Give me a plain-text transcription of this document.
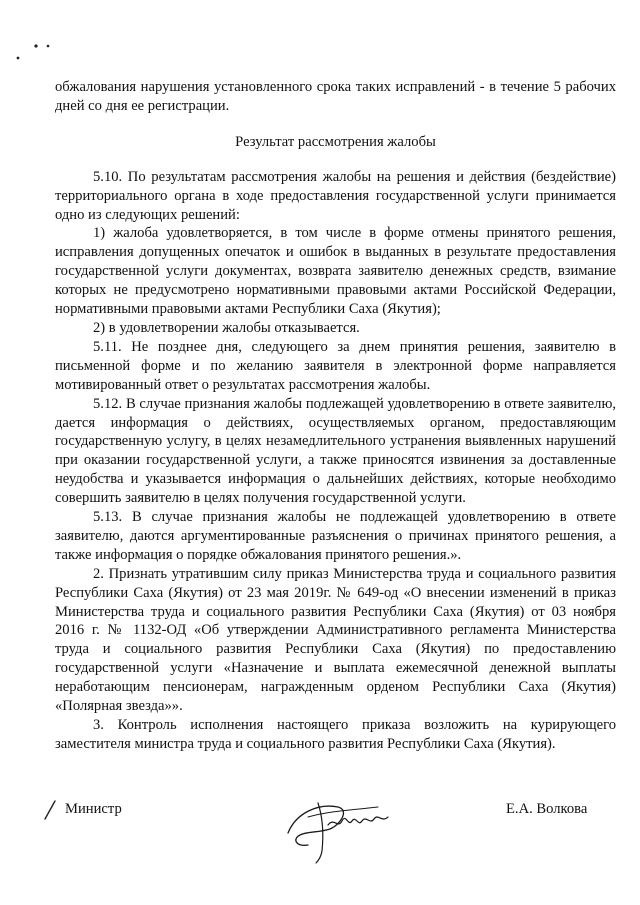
обжалования нарушения установленного срока таких исправлений - в течение 5 рабочих дней со дня ее регистрации.

Результат рассмотрения жалобы

5.10. По результатам рассмотрения жалобы на решения и действия (бездействие) территориального органа в ходе предоставления государственной услуги принимается одно из следующих решений:

1) жалоба удовлетворяется, в том числе в форме отмены принятого решения, исправления допущенных опечаток и ошибок в выданных в результате предоставления государственной услуги документах, возврата заявителю денежных средств, взимание которых не предусмотрено нормативными правовыми актами Российской Федерации, нормативными правовыми актами Республики Саха (Якутия);

2) в удовлетворении жалобы отказывается.

5.11. Не позднее дня, следующего за днем принятия решения, заявителю в письменной форме и по желанию заявителя в электронной форме направляется мотивированный ответ о результатах рассмотрения жалобы.

5.12. В случае признания жалобы подлежащей удовлетворению в ответе заявителю, дается информация о действиях, осуществляемых органом, предоставляющим государственную услугу, в целях незамедлительного устранения выявленных нарушений при оказании государственной услуги, а также приносятся извинения за доставленные неудобства и указывается информация о дальнейших действиях, которые необходимо совершить заявителю в целях получения государственной услуги.

5.13. В случае признания жалобы не подлежащей удовлетворению в ответе заявителю, даются аргументированные разъяснения о причинах принятого решения, а также информация о порядке обжалования принятого решения.».

2. Признать утратившим силу приказ Министерства труда и социального развития Республики Саха (Якутия) от 23 мая 2019г. № 649-од «О внесении изменений в приказ Министерства труда и социального развития Республики Саха (Якутия) от 03 ноября 2016 г. № 1132-ОД «Об утверждении Административного регламента Министерства труда и социального развития Республики Саха (Якутия) по предоставлению государственной услуги «Назначение и выплата ежемесячной денежной выплаты неработающим пенсионерам, награжденным орденом Республики Саха (Якутия) «Полярная звезда»».

3. Контроль исполнения настоящего приказа возложить на курирующего заместителя министра труда и социального развития Республики Саха (Якутия).

Министр	Е.А. Волкова
